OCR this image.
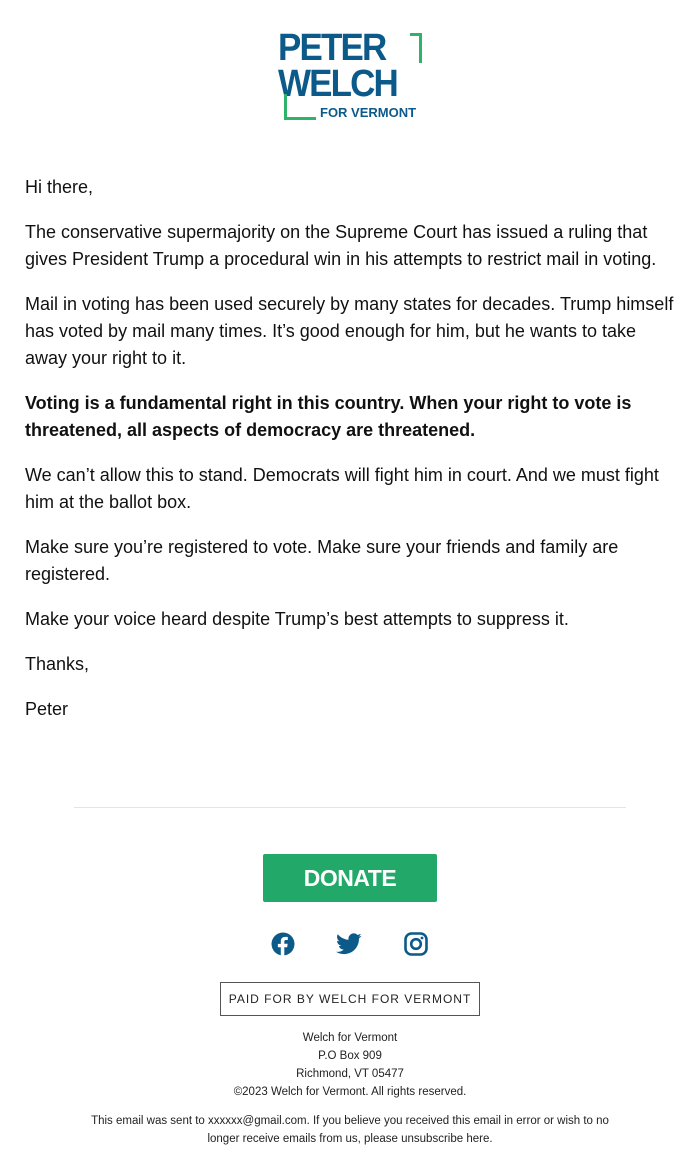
PETER
WELCH
FOR VERMONT

Hi there,

The conservative supermajority on the Supreme Court has issued a ruling that gives President Trump a procedural win in his attempts to restrict mail in voting.

Mail in voting has been used securely by many states for decades. Trump himself has voted by mail many times. It’s good enough for him, but he wants to take away your right to it.

Voting is a fundamental right in this country. When your right to vote is threatened, all aspects of democracy are threatened.

We can’t allow this to stand. Democrats will fight him in court. And we must fight him at the ballot box.

Make sure you’re registered to vote. Make sure your friends and family are registered.

Make your voice heard despite Trump’s best attempts to suppress it.

Thanks,

Peter

DONATE
PAID FOR BY WELCH FOR VERMONT
Welch for Vermont
P.O Box 909
Richmond, VT 05477
©2023 Welch for Vermont. All rights reserved.
This email was sent to xxxxxx@gmail.com. If you believe you received this email in error or wish to no longer receive emails from us, please unsubscribe here.
